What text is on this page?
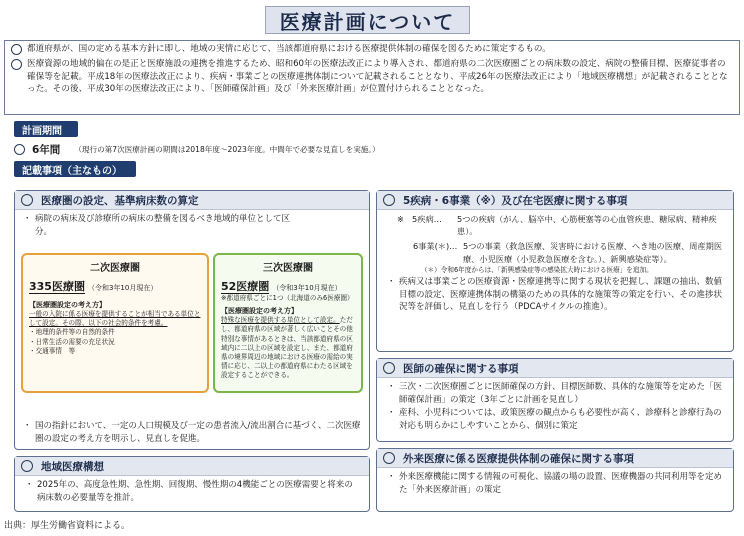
医療計画について

都道府県が、国の定める基本方針に即し、地域の実情に応じて、当該都道府県における医療提供体制の確保を図るために策定するもの。

医療資源の地域的偏在の是正と医療施設の連携を推進するため、昭和60年の医療法改正により導入され、都道府県の二次医療圏ごとの病床数の設定、病院の整備目標、医療従事者の確保等を記載。平成18年の医療法改正により、疾病・事業ごとの医療連携体制について記載されることとなり、平成26年の医療法改正により「地域医療構想」が記載されることとなった。その後、平成30年の医療法改正により、「医師確保計画」及び「外来医療計画」が位置付けられることとなった。

計画期間
6年間 （現行の第7次医療計画の期間は2018年度～2023年度。中間年で必要な見直しを実施。）
記載事項（主なもの）
医療圏の設定、基準病床数の算定
・ 病院の病床及び診療所の病床の整備を図るべき地域的単位として区分。
二次医療圏
335医療圏 （令和3年10月現在）
【医療圏設定の考え方】
一般の入院に係る医療を提供することが相当である単位として設定。その際、以下の社会的条件を考慮。
・地理的条件等の自然的条件
・日常生活の需要の充足状況
・交通事情　等
三次医療圏
52医療圏 （令和3年10月現在）
※都道府県ごとに1つ（北海道のみ6医療圏）
【医療圏設定の考え方】
特殊な医療を提供する単位として設定。ただし、都道府県の区域が著しく広いことその他特別な事情があるときは、当該都道府県の区域内に二以上の区域を設定し、また、都道府県の境界周辺の地域における医療の需給の実情に応じ、二以上の都道府県にわたる区域を設定することができる。
・ 国の指針において、一定の人口規模及び一定の患者流入/流出割合に基づく、二次医療圏の設定の考え方を明示し、見直しを促進。
地域医療構想
・ 2025年の、高度急性期、急性期、回復期、慢性期の4機能ごとの医療需要と将来の病床数の必要量等を推計。
5疾病・6事業（※）及び在宅医療に関する事項
※　5疾病…	5つの疾病（がん、脳卒中、心筋梗塞等の心血管疾患、糖尿病、精神疾患）。
6事業(＊)… 5つの事業（救急医療、災害時における医療、へき地の医療、周産期医療、小児医療（小児救急医療を含む。）、新興感染症等）。
（＊）令和6年度からは、「新興感染症等の感染拡大時における医療」を追加。
・ 疾病又は事業ごとの医療資源・医療連携等に関する現状を把握し、課題の抽出、数値目標の設定、医療連携体制の構築のための具体的な施策等の策定を行い、その進捗状況等を評価し、見直しを行う（PDCAサイクルの推進）。
医師の確保に関する事項
・ 三次・二次医療圏ごとに医師確保の方針、目標医師数、具体的な施策等を定めた「医師確保計画」の策定（3年ごとに計画を見直し）
・ 産科、小児科については、政策医療の観点からも必要性が高く、診療科と診療行為の対応も明らかにしやすいことから、個別に策定
外来医療に係る医療提供体制の確保に関する事項
・ 外来医療機能に関する情報の可視化、協議の場の設置、医療機器の共同利用等を定めた「外来医療計画」の策定
出典：厚生労働省資料による。
